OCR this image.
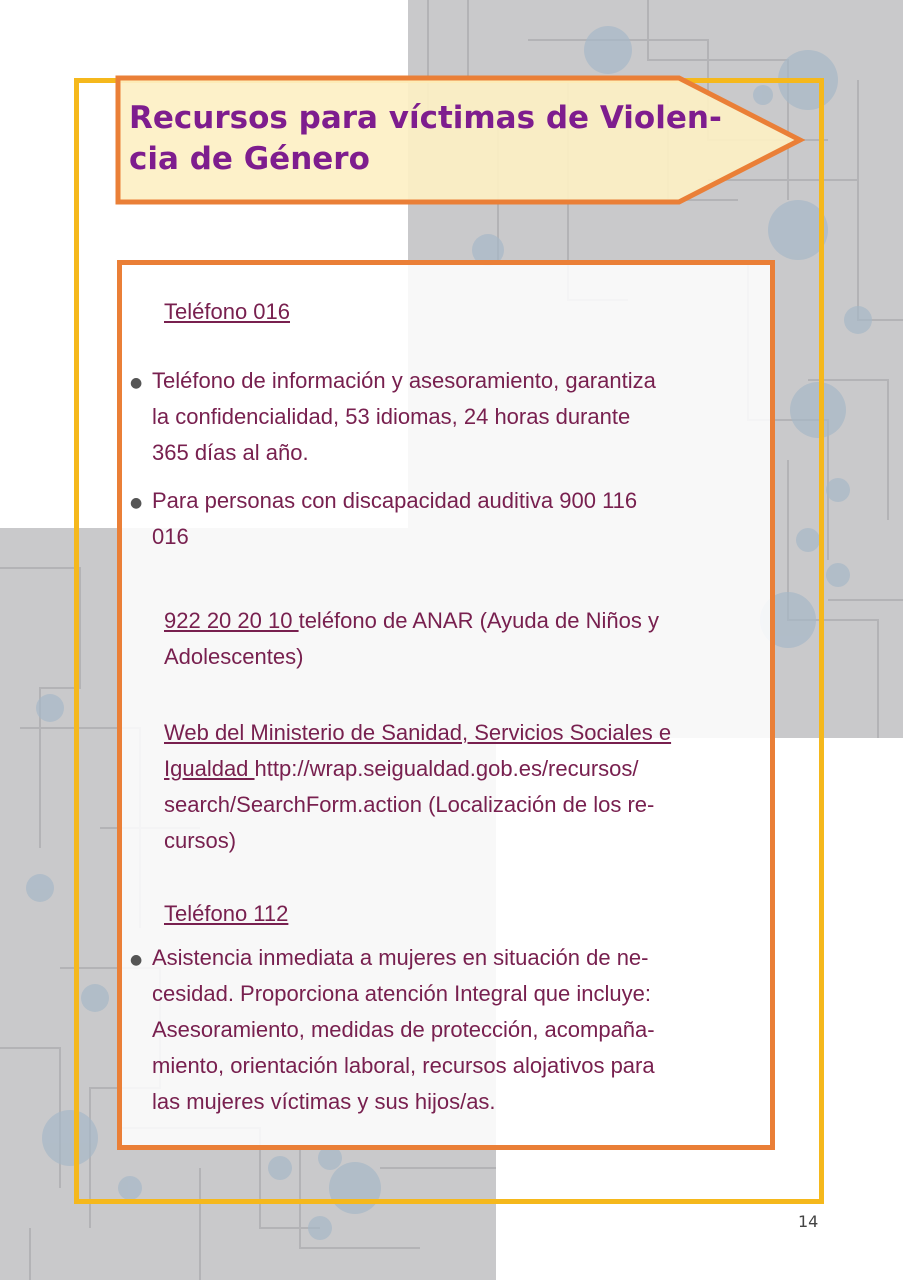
Recursos para víctimas de Violen-
cia de Género

Teléfono 016

● Teléfono de información y asesoramiento, garantiza

la confidencialidad, 53 idiomas, 24 horas durante

365 días al año.

● Para personas con discapacidad auditiva 900 116

016

922 20 20 10 teléfono de ANAR (Ayuda de Niños y

Adolescentes)

Web del Ministerio de Sanidad, Servicios Sociales e

Igualdad http://wrap.seigualdad.gob.es/recursos/

search/SearchForm.action (Localización de los re-

cursos)

Teléfono 112

● Asistencia inmediata a mujeres en situación de ne-

cesidad. Proporciona atención Integral que incluye:

Asesoramiento, medidas de protección, acompaña-

miento, orientación laboral, recursos alojativos para

las mujeres víctimas y sus hijos/as.

14
